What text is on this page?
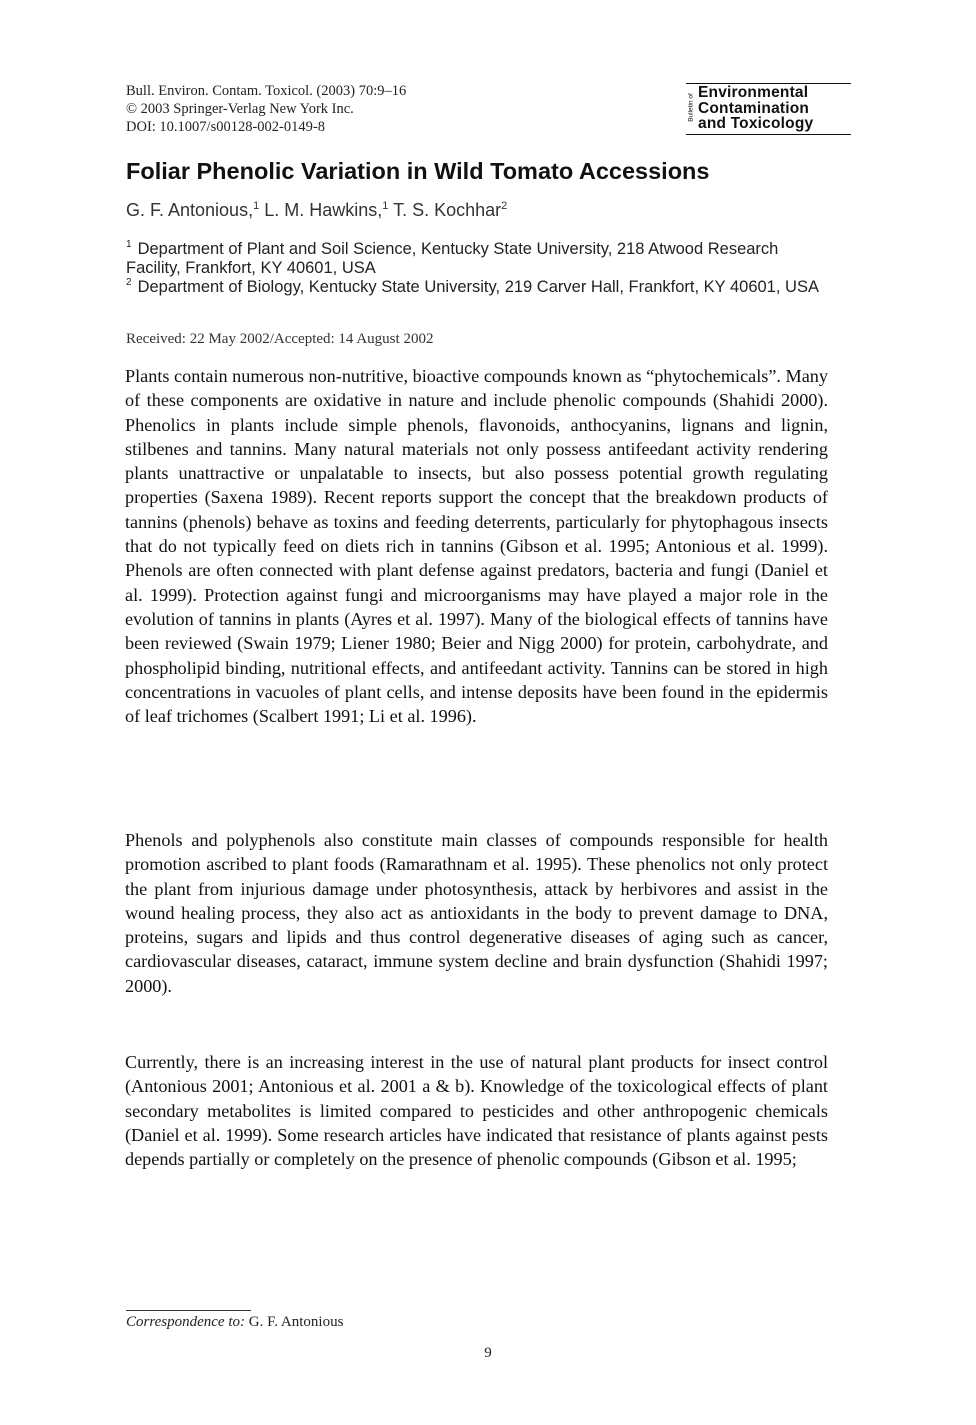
Bull. Environ. Contam. Toxicol. (2003) 70:9–16
© 2003 Springer-Verlag New York Inc.
DOI: 10.1007/s00128-002-0149-8
Bulletin of
Environmental
Contamination
and Toxicology
Foliar Phenolic Variation in Wild Tomato Accessions
G. F. Antonious,$^1$ L. M. Hawkins,$^1$ T. S. Kochhar$^2$

$^1$ Department of Plant and Soil Science, Kentucky State University, 218 Atwood Research Facility, Frankfort, KY 40601, USA

$^2$ Department of Biology, Kentucky State University, 219 Carver Hall, Frankfort, KY 40601, USA

Received: 22 May 2002/Accepted: 14 August 2002

Plants contain numerous non-nutritive, bioactive compounds known as “phytochemicals”. Many of these components are oxidative in nature and include phenolic compounds (Shahidi 2000). Phenolics in plants include simple phenols, flavonoids, anthocyanins, lignans and lignin, stilbenes and tannins. Many natural materials not only possess antifeedant activity rendering plants unattractive or unpalatable to insects, but also possess potential growth regulating properties (Saxena 1989). Recent reports support the concept that the breakdown products of tannins (phenols) behave as toxins and feeding deterrents, particularly for phytophagous insects that do not typically feed on diets rich in tannins (Gibson et al. 1995; Antonious et al. 1999). Phenols are often connected with plant defense against predators, bacteria and fungi (Daniel et al. 1999). Protection against fungi and microorganisms may have played a major role in the evolution of tannins in plants (Ayres et al. 1997). Many of the biological effects of tannins have been reviewed (Swain 1979; Liener 1980; Beier and Nigg 2000) for protein, carbohydrate, and phospholipid binding, nutritional effects, and antifeedant activity. Tannins can be stored in high concentrations in vacuoles of plant cells, and intense deposits have been found in the epidermis of leaf trichomes (Scalbert 1991; Li et al. 1996).

Phenols and polyphenols also constitute main classes of compounds responsible for health promotion ascribed to plant foods (Ramarathnam et al. 1995). These phenolics not only protect the plant from injurious damage under photosynthesis, attack by herbivores and assist in the wound healing process, they also act as antioxidants in the body to prevent damage to DNA, proteins, sugars and lipids and thus control degenerative diseases of aging such as cancer, cardiovascular diseases, cataract, immune system decline and brain dysfunction (Shahidi 1997; 2000).

Currently, there is an increasing interest in the use of natural plant products for insect control (Antonious 2001; Antonious et al. 2001 a & b). Knowledge of the toxicological effects of plant secondary metabolites is limited compared to pesticides and other anthropogenic chemicals (Daniel et al. 1999). Some research articles have indicated that resistance of plants against pests depends partially or completely on the presence of phenolic compounds (Gibson et al. 1995;

Correspondence to: G. F. Antonious
9
